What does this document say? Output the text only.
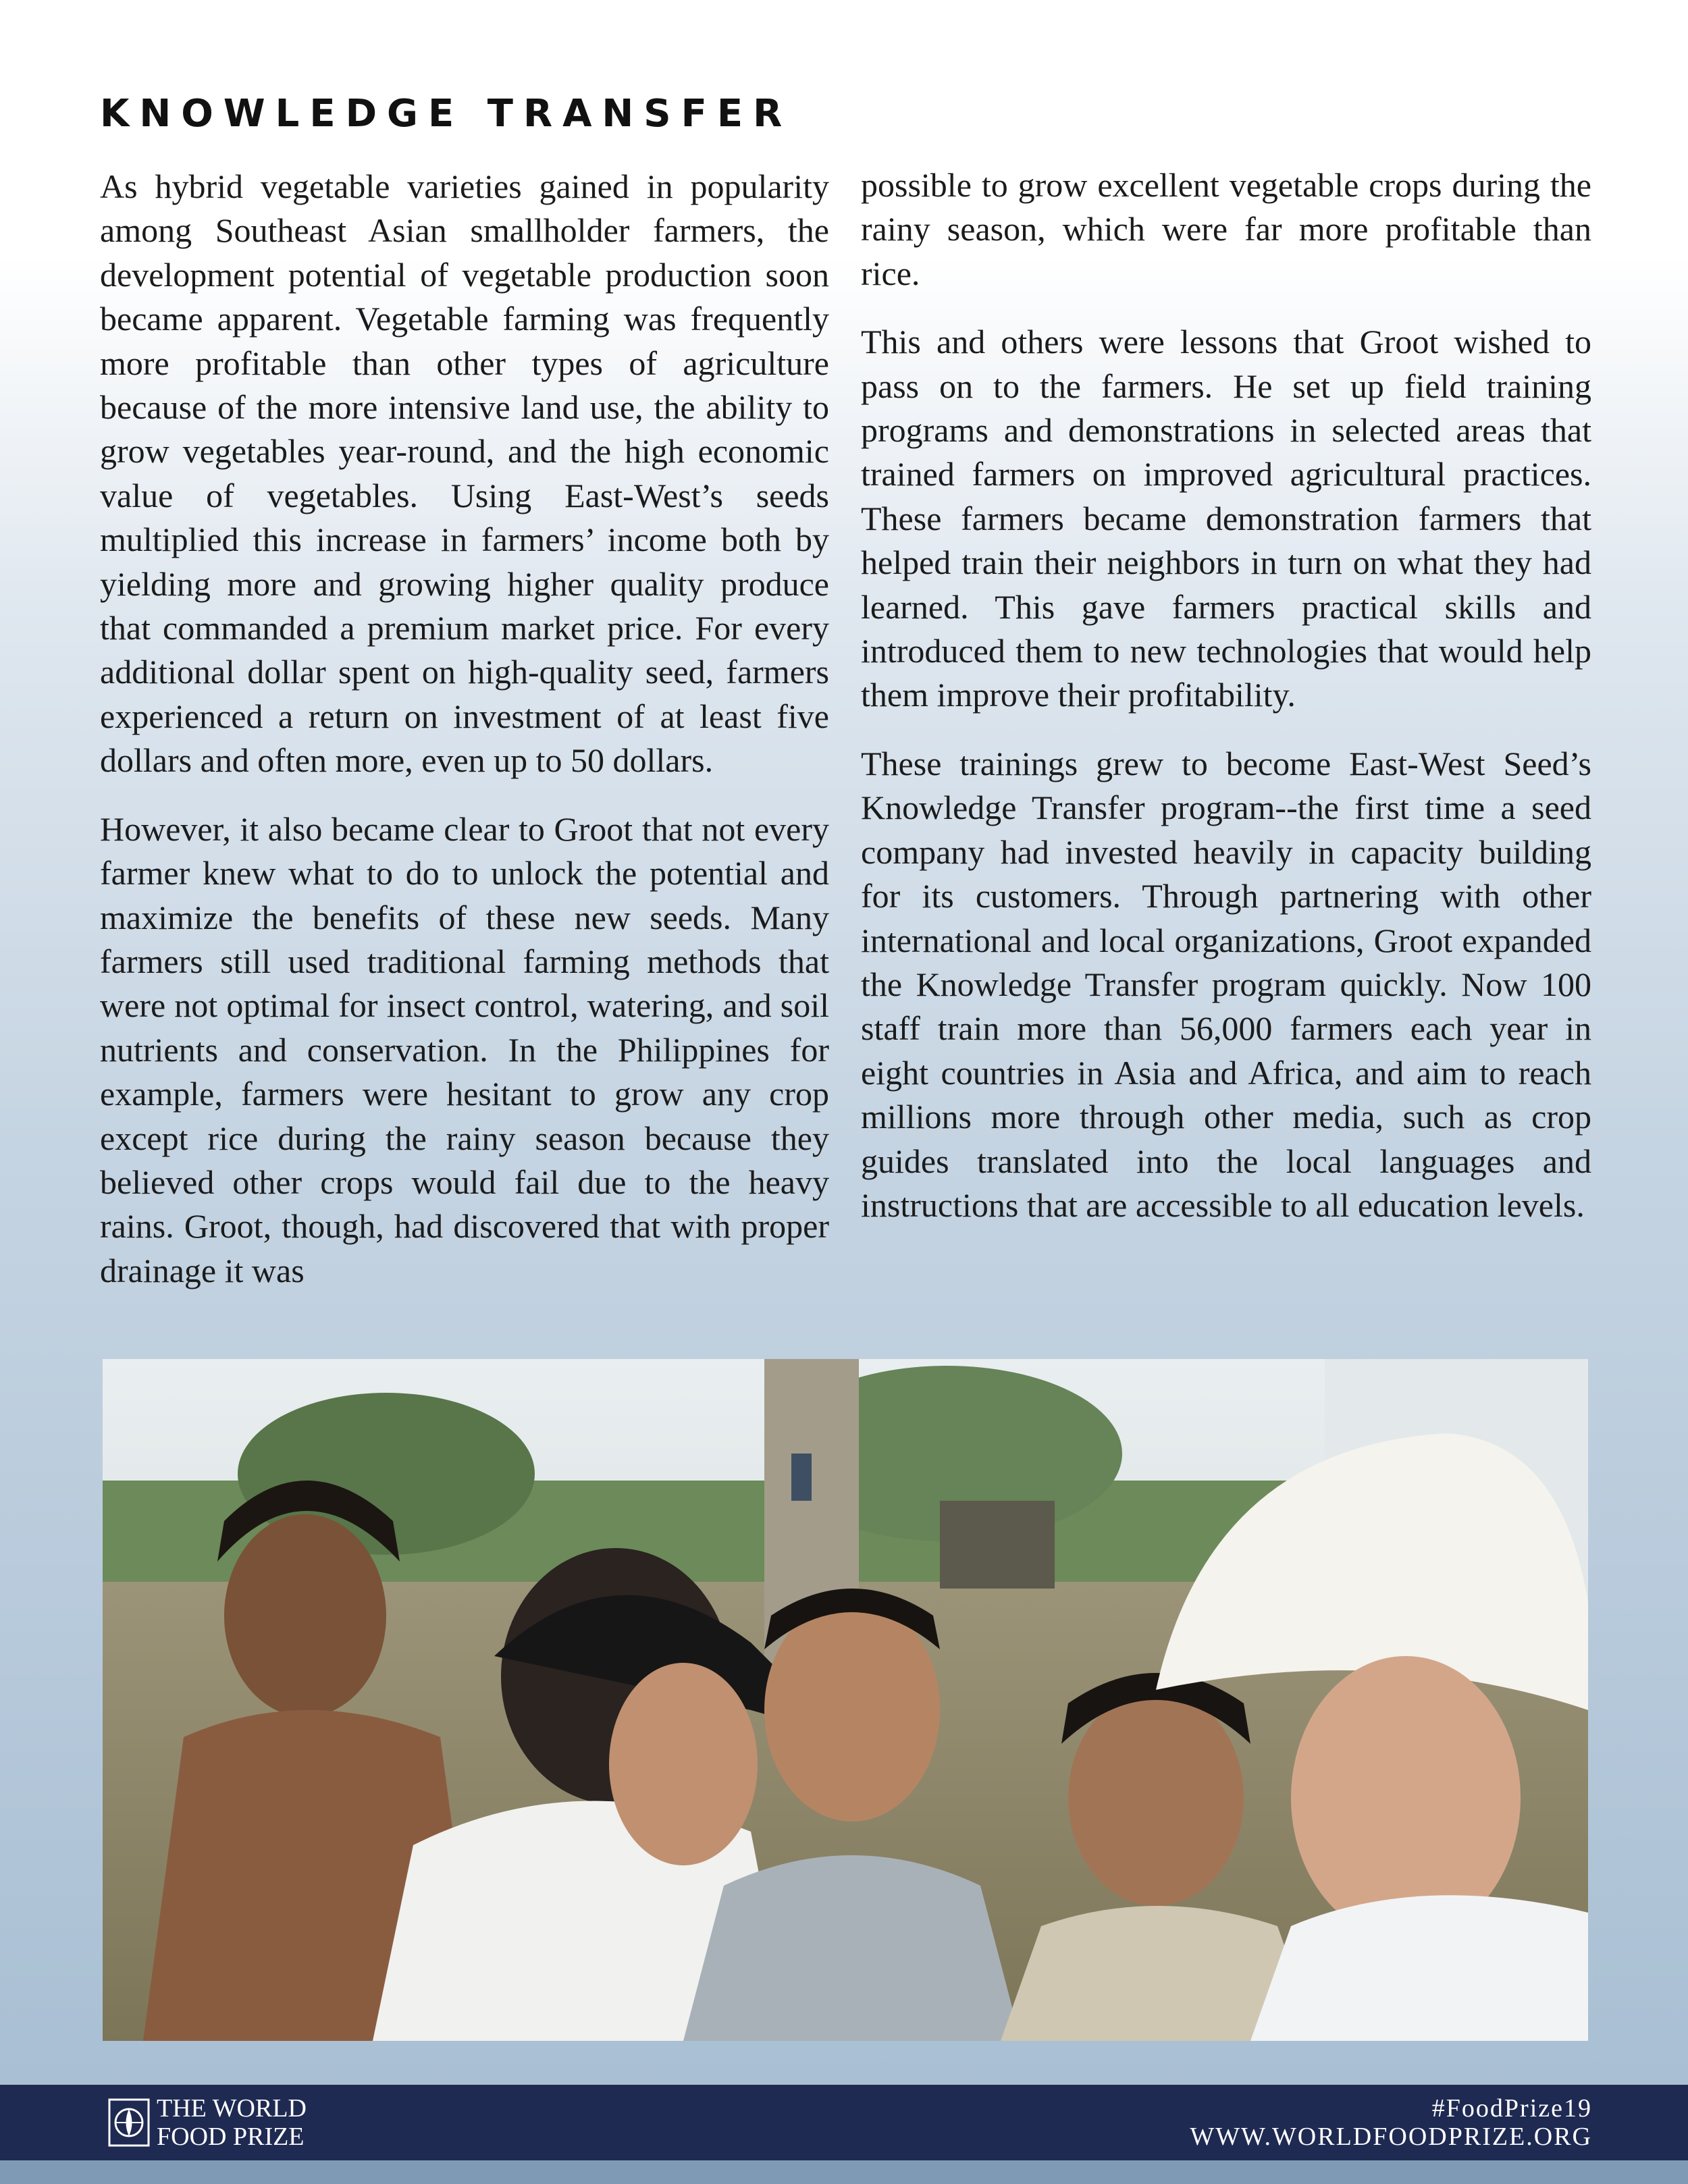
KNOWLEDGE TRANSFER

As hybrid vegetable varieties gained in popularity among Southeast Asian smallholder farmers, the development potential of vegetable production soon became apparent. Vegetable farming was frequently more profitable than other types of agriculture because of the more intensive land use, the ability to grow vegetables year-round, and the high economic value of vegetables. Using East-West’s seeds multiplied this increase in farmers’ income both by yielding more and growing higher quality produce that commanded a premium market price. For every additional dollar spent on high-quality seed, farmers experienced a return on investment of at least five dollars and often more, even up to 50 dollars.

However, it also became clear to Groot that not every farmer knew what to do to unlock the potential and maximize the benefits of these new seeds. Many farmers still used traditional farming methods that were not optimal for insect control, watering, and soil nutrients and conservation. In the Philippines for example, farmers were hesitant to grow any crop except rice during the rainy season because they believed other crops would fail due to the heavy rains. Groot, though, had discovered that with proper drainage it was

possible to grow excellent vegetable crops during the rainy season, which were far more profitable than rice.

This and others were lessons that Groot wished to pass on to the farmers. He set up field training programs and demonstrations in selected areas that trained farmers on improved agricultural practices. These farmers became demonstration farmers that helped train their neighbors in turn on what they had learned. This gave farmers practical skills and introduced them to new technologies that would help them improve their profitability.

These trainings grew to become East-West Seed’s Knowledge Transfer program--the first time a seed company had invested heavily in capacity building for its customers. Through partnering with other international and local organizations, Groot expanded the Knowledge Transfer program quickly. Now 100 staff train more than 56,000 farmers each year in eight countries in Asia and Africa, and aim to reach millions more through other media, such as crop guides translated into the local languages and instructions that are accessible to all education levels.

THE WORLD
FOOD PRIZE
#FoodPrize19
WWW.WORLDFOODPRIZE.ORG
